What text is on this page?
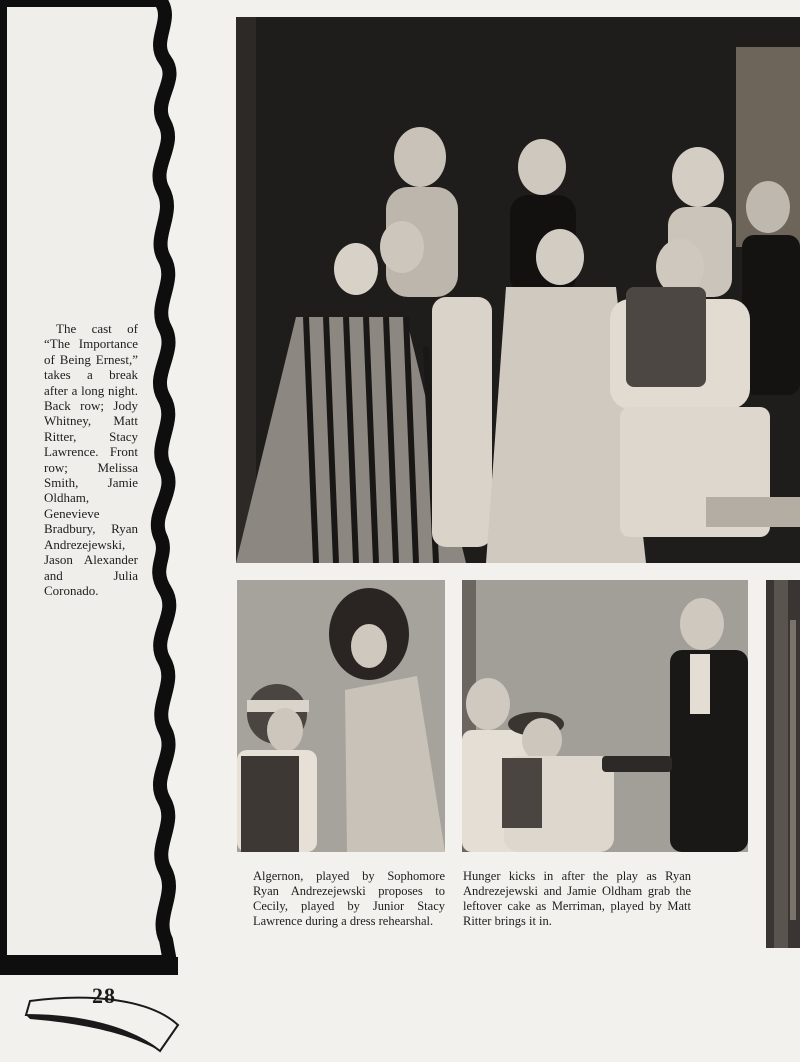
The cast of “The Importance of Being Ernest,” takes a break after a long night. Back row; Jody Whitney, Matt Ritter, Stacy Lawrence. Front row; Melissa Smith, Jamie Oldham, Genevieve Bradbury, Ryan Andrezejewski, Jason Alexander and Julia Coronado.

Algernon, played by Sophomore Ryan Andrezejewski proposes to Cecily, played by Junior Stacy Lawrence during a dress rehearshal.

Hunger kicks in after the play as Ryan Andrezejewski and Jamie Oldham grab the leftover cake as Merriman, played by Matt Ritter brings it in.

28
